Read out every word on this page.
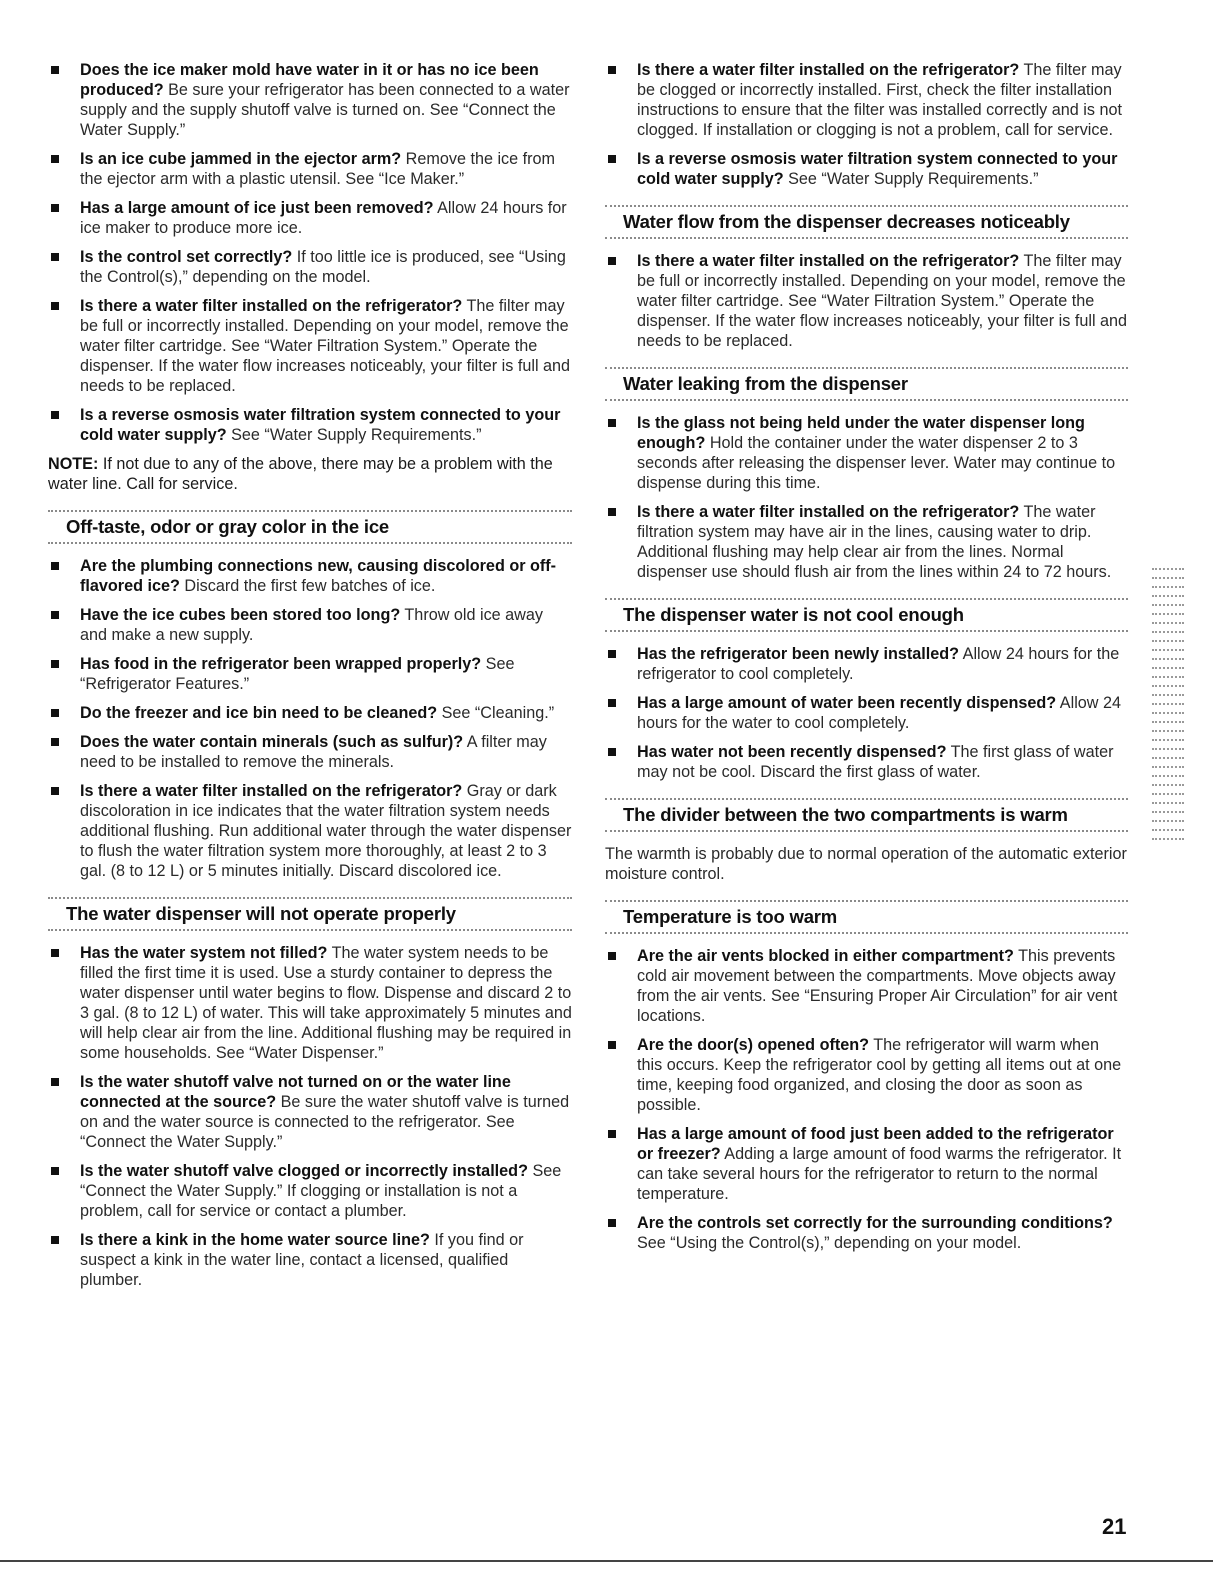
Does the ice maker mold have water in it or has no ice been produced? Be sure your refrigerator has been connected to a water supply and the supply shutoff valve is turned on. See “Connect the Water Supply.”
Is an ice cube jammed in the ejector arm? Remove the ice from the ejector arm with a plastic utensil. See “Ice Maker.”
Has a large amount of ice just been removed? Allow 24 hours for ice maker to produce more ice.
Is the control set correctly? If too little ice is produced, see “Using the Control(s),” depending on the model.
Is there a water filter installed on the refrigerator? The filter may be full or incorrectly installed. Depending on your model, remove the water filter cartridge. See “Water Filtration System.” Operate the dispenser. If the water flow increases noticeably, your filter is full and needs to be replaced.
Is a reverse osmosis water filtration system connected to your cold water supply? See “Water Supply Requirements.”
NOTE: If not due to any of the above, there may be a problem with the water line. Call for service.
Off-taste, odor or gray color in the ice
Are the plumbing connections new, causing discolored or off-flavored ice? Discard the first few batches of ice.
Have the ice cubes been stored too long? Throw old ice away and make a new supply.
Has food in the refrigerator been wrapped properly? See “Refrigerator Features.”
Do the freezer and ice bin need to be cleaned? See “Cleaning.”
Does the water contain minerals (such as sulfur)? A filter may need to be installed to remove the minerals.
Is there a water filter installed on the refrigerator? Gray or dark discoloration in ice indicates that the water filtration system needs additional flushing. Run additional water through the water dispenser to flush the water filtration system more thoroughly, at least 2 to 3 gal. (8 to 12 L) or 5 minutes initially. Discard discolored ice.
The water dispenser will not operate properly
Has the water system not filled? The water system needs to be filled the first time it is used. Use a sturdy container to depress the water dispenser until water begins to flow. Dispense and discard 2 to 3 gal. (8 to 12 L) of water. This will take approximately 5 minutes and will help clear air from the line. Additional flushing may be required in some households. See “Water Dispenser.”
Is the water shutoff valve not turned on or the water line connected at the source? Be sure the water shutoff valve is turned on and the water source is connected to the refrigerator. See “Connect the Water Supply.”
Is the water shutoff valve clogged or incorrectly installed? See “Connect the Water Supply.” If clogging or installation is not a problem, call for service or contact a plumber.
Is there a kink in the home water source line? If you find or suspect a kink in the water line, contact a licensed, qualified plumber.
Is there a water filter installed on the refrigerator? The filter may be clogged or incorrectly installed. First, check the filter installation instructions to ensure that the filter was installed correctly and is not clogged. If installation or clogging is not a problem, call for service.
Is a reverse osmosis water filtration system connected to your cold water supply? See “Water Supply Requirements.”
Water flow from the dispenser decreases noticeably
Is there a water filter installed on the refrigerator? The filter may be full or incorrectly installed. Depending on your model, remove the water filter cartridge. See “Water Filtration System.” Operate the dispenser. If the water flow increases noticeably, your filter is full and needs to be replaced.
Water leaking from the dispenser
Is the glass not being held under the water dispenser long enough? Hold the container under the water dispenser 2 to 3 seconds after releasing the dispenser lever. Water may continue to dispense during this time.
Is there a water filter installed on the refrigerator? The water filtration system may have air in the lines, causing water to drip. Additional flushing may help clear air from the lines. Normal dispenser use should flush air from the lines within 24 to 72 hours.
The dispenser water is not cool enough
Has the refrigerator been newly installed? Allow 24 hours for the refrigerator to cool completely.
Has a large amount of water been recently dispensed? Allow 24 hours for the water to cool completely.
Has water not been recently dispensed? The first glass of water may not be cool. Discard the first glass of water.
The divider between the two compartments is warm
The warmth is probably due to normal operation of the automatic exterior moisture control.
Temperature is too warm
Are the air vents blocked in either compartment? This prevents cold air movement between the compartments. Move objects away from the air vents. See “Ensuring Proper Air Circulation” for air vent locations.
Are the door(s) opened often? The refrigerator will warm when this occurs. Keep the refrigerator cool by getting all items out at one time, keeping food organized, and closing the door as soon as possible.
Has a large amount of food just been added to the refrigerator or freezer? Adding a large amount of food warms the refrigerator. It can take several hours for the refrigerator to return to the normal temperature.
Are the controls set correctly for the surrounding conditions? See “Using the Control(s),” depending on your model.
21
